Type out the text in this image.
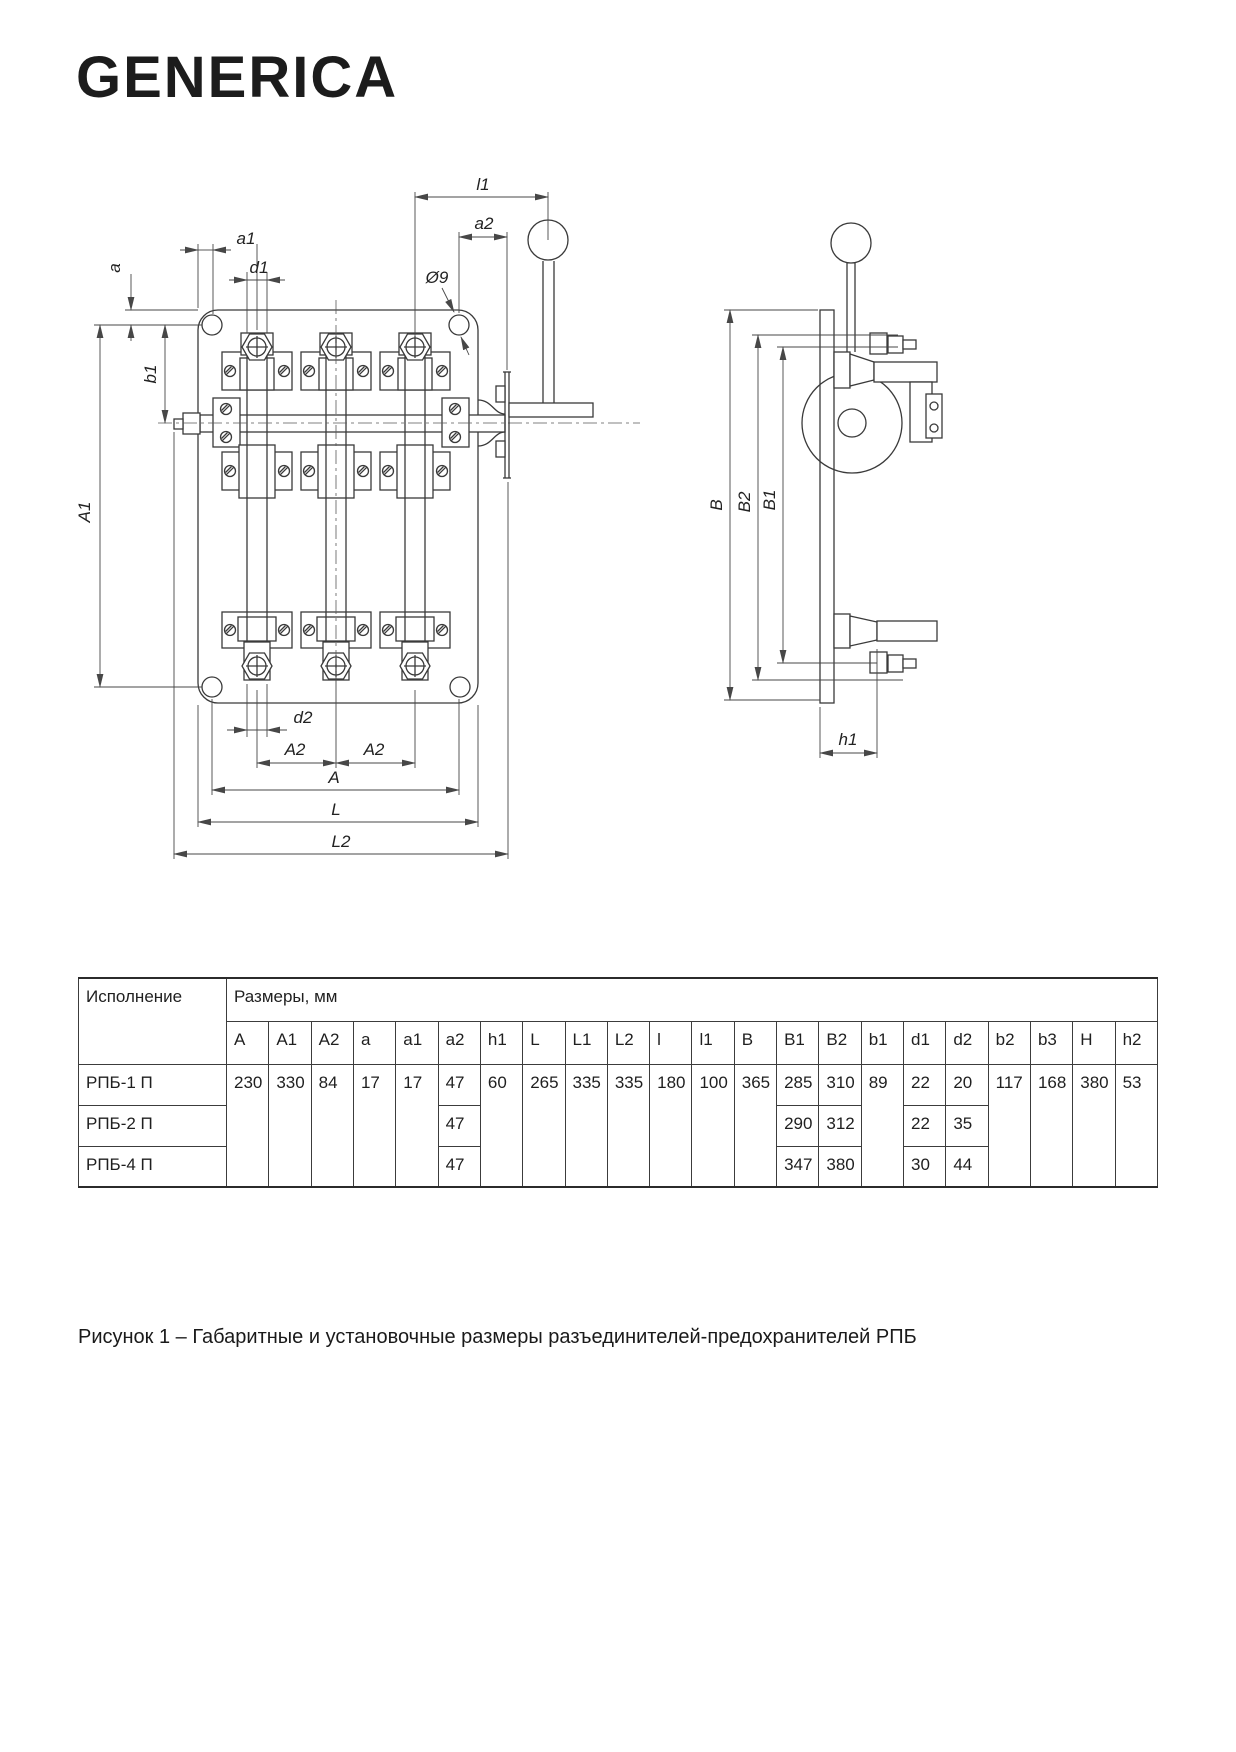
GENERICA
a1
d1
a
b1
A1
l1
a2
Ø9
d2
A2	A2
A
L
L2
B B2 B1
h1
Исполнение	Размеры, мм																					
	A	A1	A2	a	a1	a2	h1	L	L1	L2	l	l1	B	B1	B2	b1	d1	d2	b2	b3	H	h2
РПБ-1 П	230	330	84	17	17	47	60	265	335	335	180	100	365	285	310	89	22	20	117	168	380	53
РПБ-2 П						47								290	312		22	35				
РПБ-4 П						47								347	380		30	44				
Рисунок 1 – Габаритные и установочные размеры разъединителей-предохранителей РПБ
